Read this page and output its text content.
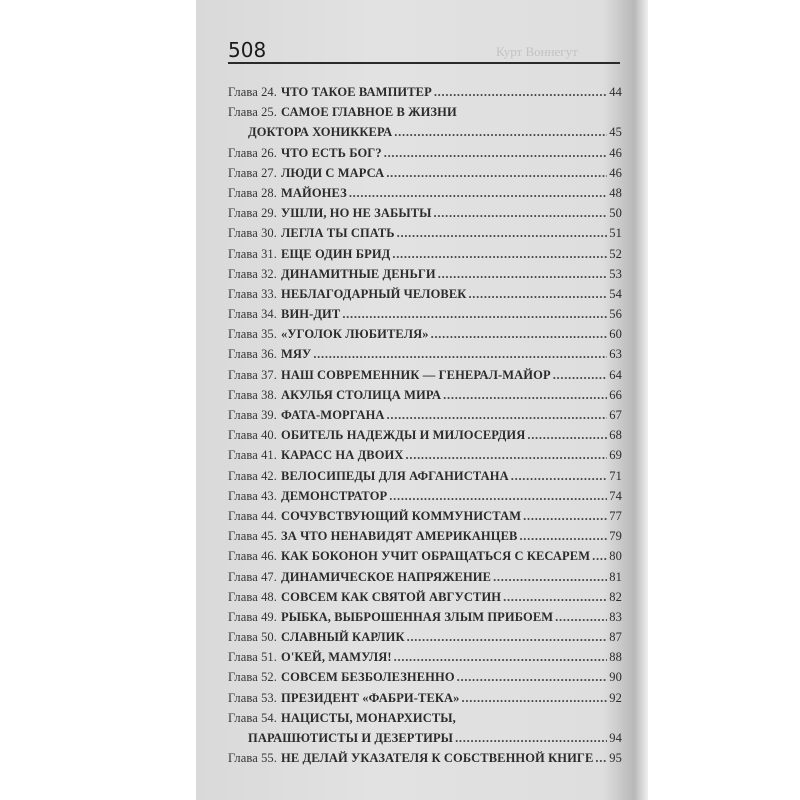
508	Курт Воннегут
Глава 24. ЧТО ТАКОЕ ВАМПИТЕР . . .	44
Глава 25. САМОЕ ГЛАВНОЕ В ЖИЗНИ
ДОКТОРА ХОНИККЕРА . . .	45
Глава 26. ЧТО ЕСТЬ БОГ? . . .	46
Глава 27. ЛЮДИ С МАРСА . . .	46
Глава 28. МАЙОНЕЗ . . .	48
Глава 29. УШЛИ, НО НЕ ЗАБЫТЫ . . .	50
Глава 30. ЛЕГЛА ТЫ СПАТЬ . . .	51
Глава 31. ЕЩЕ ОДИН БРИД . . .	52
Глава 32. ДИНАМИТНЫЕ ДЕНЬГИ . . .	53
Глава 33. НЕБЛАГОДАРНЫЙ ЧЕЛОВЕК . . .	54
Глава 34. ВИН-ДИТ . . .	56
Глава 35. «УГОЛОК ЛЮБИТЕЛЯ» . . .	60
Глава 36. МЯУ . . .	63
Глава 37. НАШ СОВРЕМЕННИК — ГЕНЕРАЛ-МАЙОР . . .	64
Глава 38. АКУЛЬЯ СТОЛИЦА МИРА . . .	66
Глава 39. ФАТА-МОРГАНА . . .	67
Глава 40. ОБИТЕЛЬ НАДЕЖДЫ И МИЛОСЕРДИЯ . . .	68
Глава 41. КАРАСС НА ДВОИХ . . .	69
Глава 42. ВЕЛОСИПЕДЫ ДЛЯ АФГАНИСТАНА . . .	71
Глава 43. ДЕМОНСТРАТОР . . .	74
Глава 44. СОЧУВСТВУЮЩИЙ КОММУНИСТАМ . . .	77
Глава 45. ЗА ЧТО НЕНАВИДЯТ АМЕРИКАНЦЕВ . . .	79
Глава 46. КАК БОКОНОН УЧИТ ОБРАЩАТЬСЯ С КЕСАРЕМ . . . 80
Глава 47. ДИНАМИЧЕСКОЕ НАПРЯЖЕНИЕ . . .	81
Глава 48. СОВСЕМ КАК СВЯТОЙ АВГУСТИН . . .	82
Глава 49. РЫБКА, ВЫБРОШЕННАЯ ЗЛЫМ ПРИБОЕМ . . .	83
Глава 50. СЛАВНЫЙ КАРЛИК . . .	87
Глава 51. О'КЕЙ, МАМУЛЯ! . . .	88
Глава 52. СОВСЕМ БЕЗБОЛЕЗНЕННО . . .	90
Глава 53. ПРЕЗИДЕНТ «ФАБРИ-ТЕКА» . . .	92
Глава 54. НАЦИСТЫ, МОНАРХИСТЫ,
ПАРАШЮТИСТЫ И ДЕЗЕРТИРЫ . . .	94
Глава 55. НЕ ДЕЛАЙ УКАЗАТЕЛЯ К СОБСТВЕННОЙ КНИГЕ . . . 95
